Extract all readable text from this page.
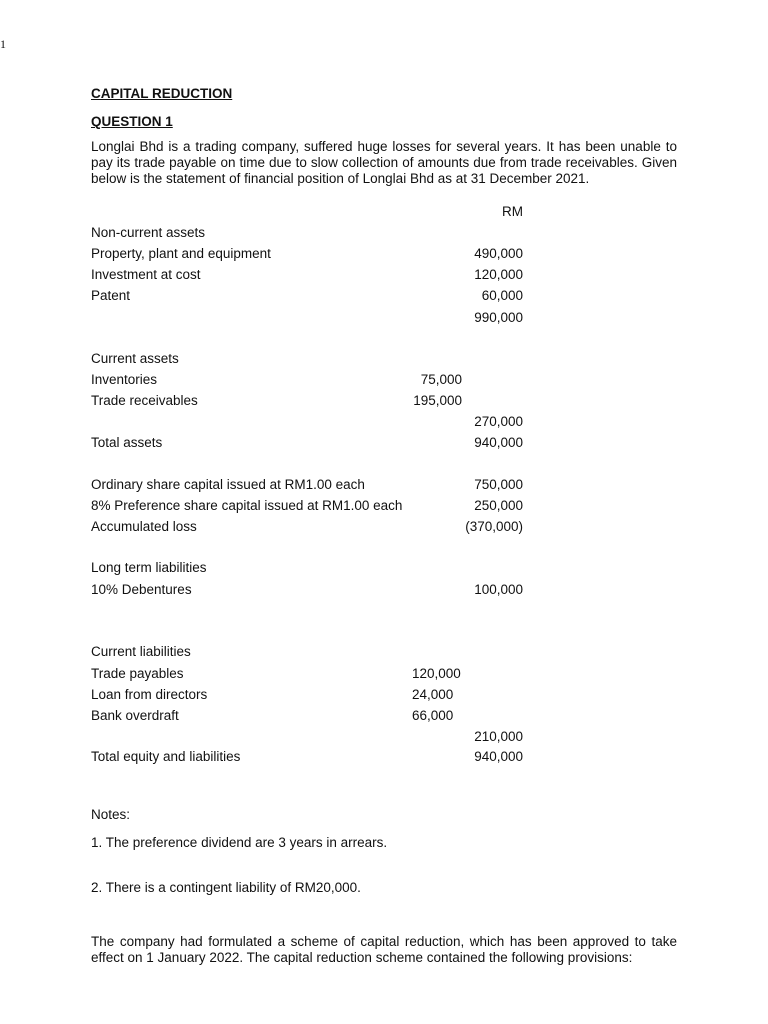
1
CAPITAL REDUCTION
QUESTION 1
Longlai Bhd is a trading company, suffered huge losses for several years. It has been unable to pay its trade payable on time due to slow collection of amounts due from trade receivables. Given below is the statement of financial position of Longlai Bhd as at 31 December 2021.
RM
Non-current assets
Property, plant and equipment	490,000
Investment at cost	120,000
Patent	60,000
990,000
Current assets
Inventories	75,000
Trade receivables	195,000
270,000
Total assets	940,000
Ordinary share capital issued at RM1.00 each	750,000
8% Preference share capital issued at RM1.00 each	250,000
Accumulated loss	(370,000)
Long term liabilities
10% Debentures	100,000
Current liabilities
Trade payables	120,000
Loan from directors	24,000
Bank overdraft	66,000
210,000
Total equity and liabilities	940,000
Notes:
1. The preference dividend are 3 years in arrears.
2. There is a contingent liability of RM20,000.
The company had formulated a scheme of capital reduction, which has been approved to take effect on 1 January 2022. The capital reduction scheme contained the following provisions:
